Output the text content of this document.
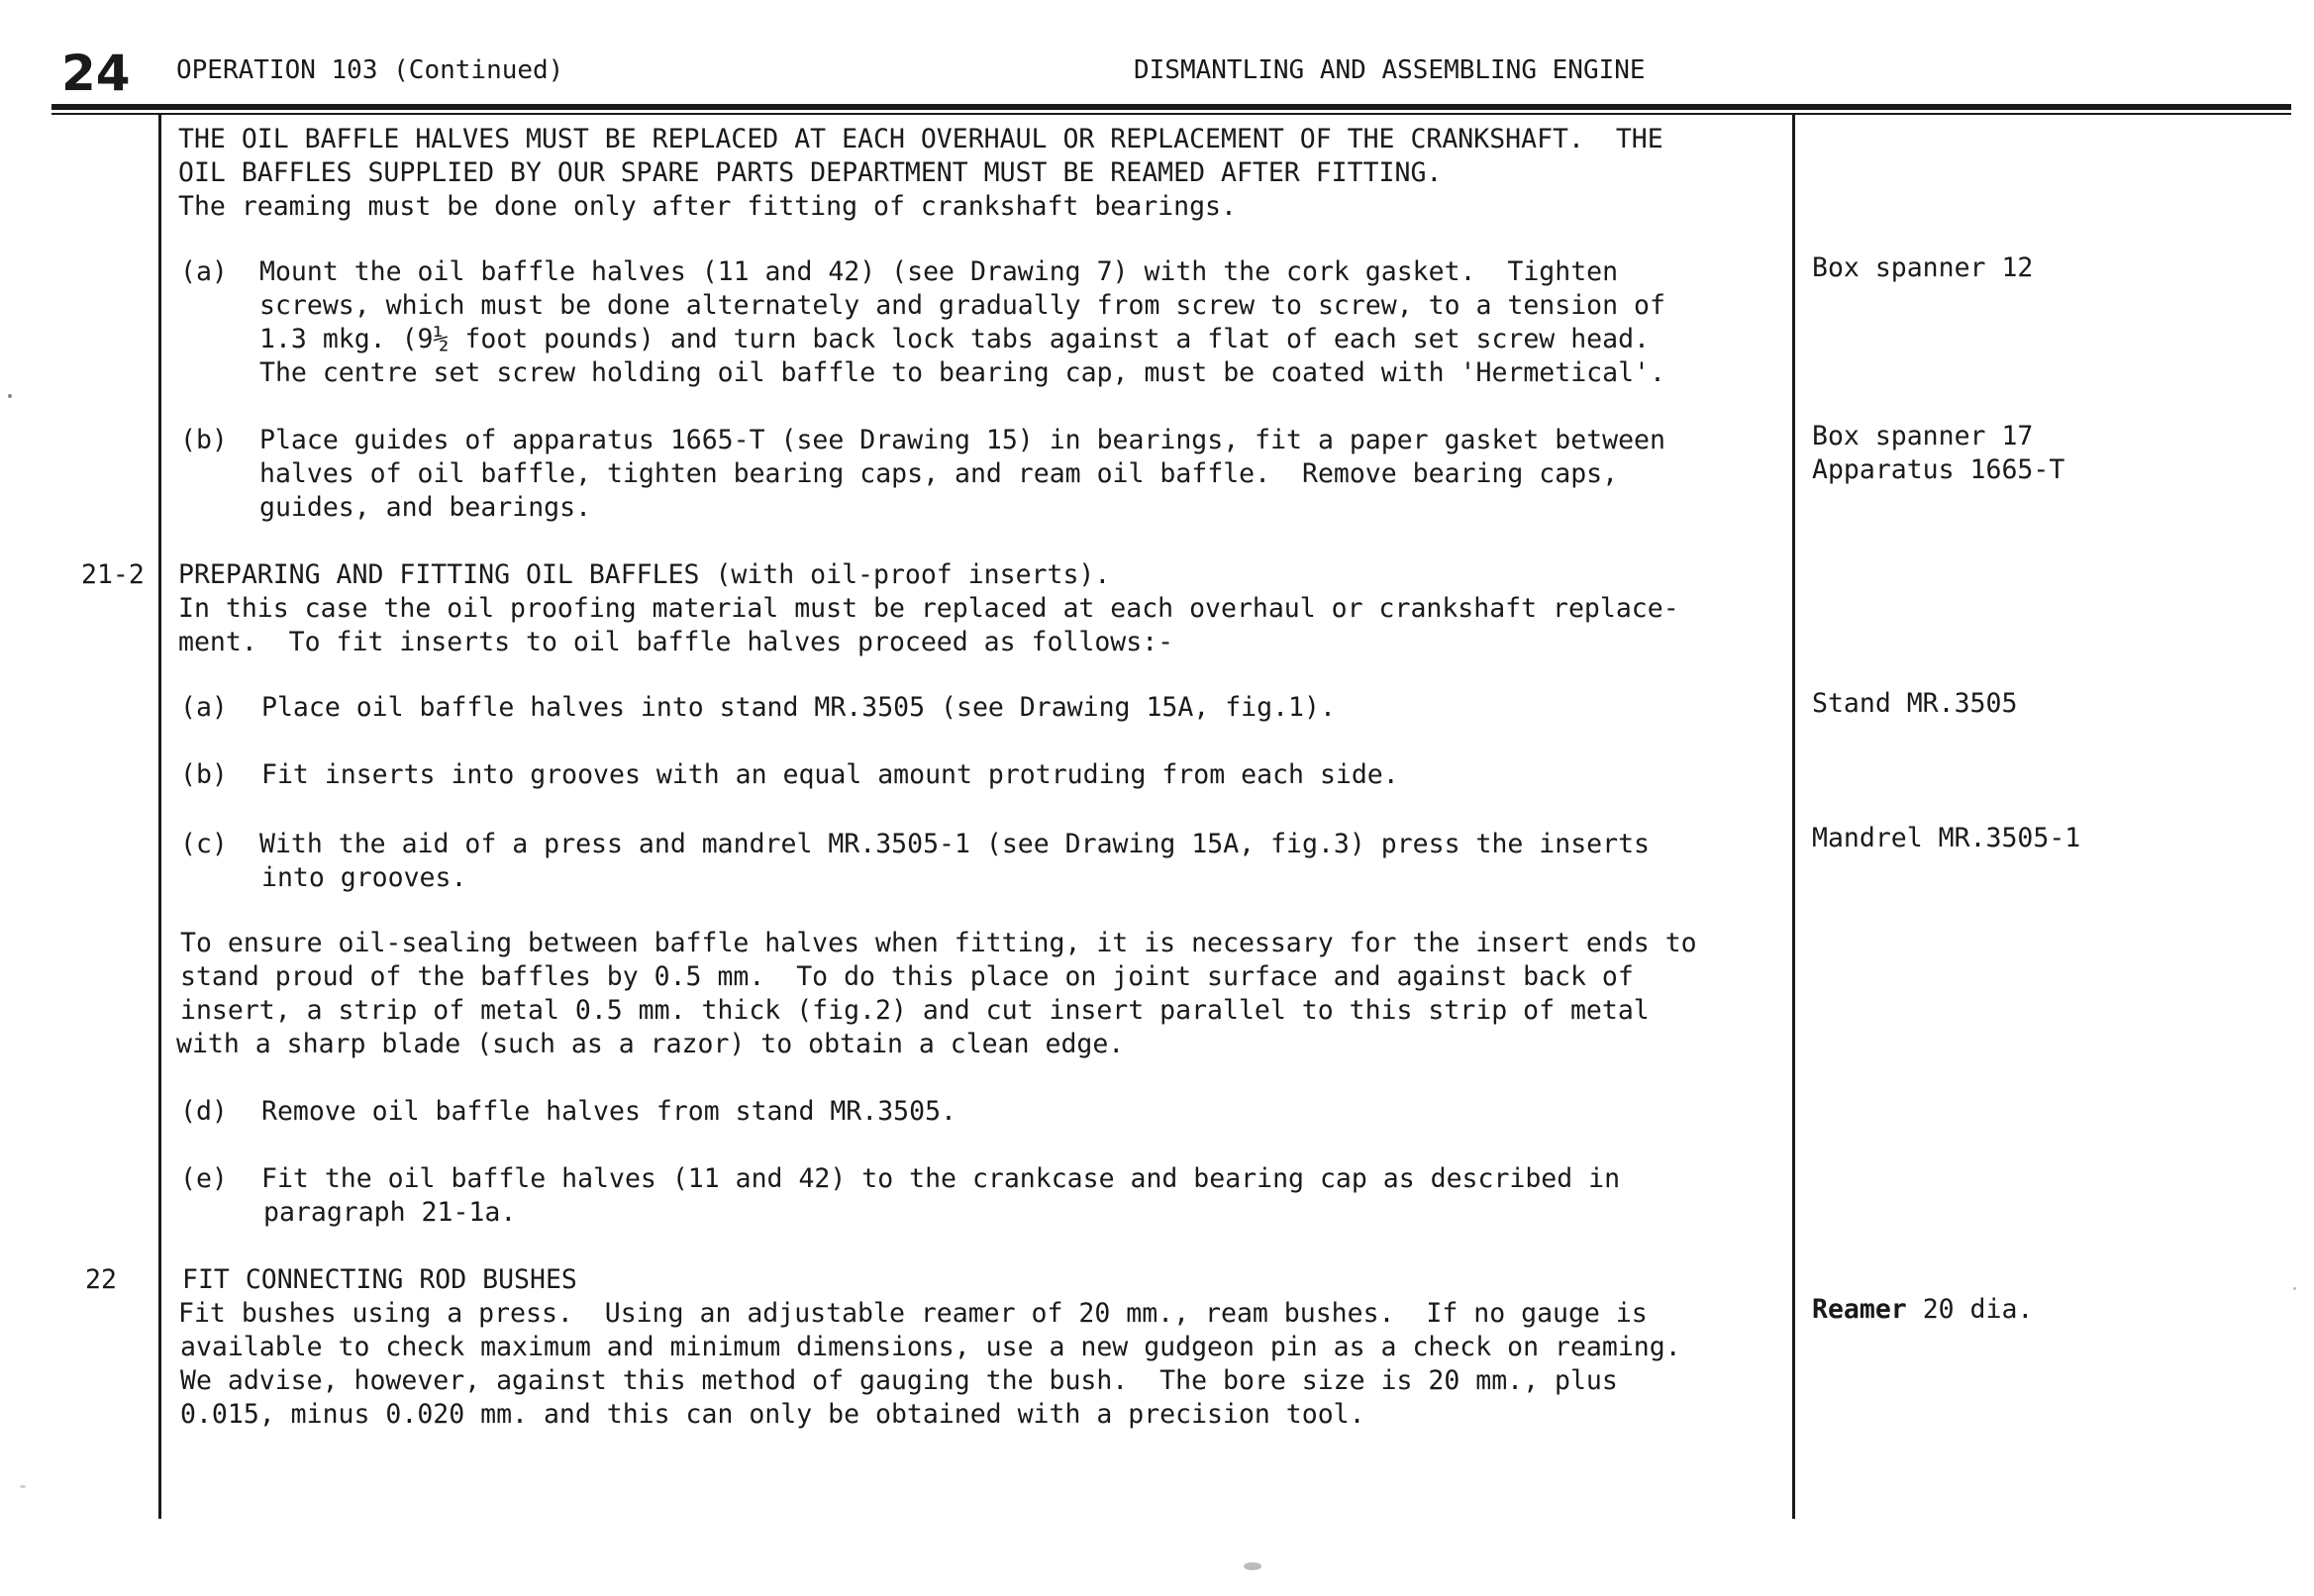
24 OPERATION 103 (Continued)	DISMANTLING AND ASSEMBLING ENGINE
THE OIL BAFFLE HALVES MUST BE REPLACED AT EACH OVERHAUL OR REPLACEMENT OF THE CRANKSHAFT.  THE
OIL BAFFLES SUPPLIED BY OUR SPARE PARTS DEPARTMENT MUST BE REAMED AFTER FITTING.
The reaming must be done only after fitting of crankshaft bearings.
(a) Mount the oil baffle halves (11 and 42) (see Drawing 7) with the cork gasket.  Tighten
screws, which must be done alternately and gradually from screw to screw, to a tension of
1.3 mkg. (9½ foot pounds) and turn back lock tabs against a flat of each set screw head.
The centre set screw holding oil baffle to bearing cap, must be coated with 'Hermetical'.
Box spanner 12
(b) Place guides of apparatus 1665-T (see Drawing 15) in bearings, fit a paper gasket between
halves of oil baffle, tighten bearing caps, and ream oil baffle.  Remove bearing caps,
guides, and bearings.
Box spanner 17
Apparatus 1665-T
21-2 PREPARING AND FITTING OIL BAFFLES (with oil-proof inserts).
In this case the oil proofing material must be replaced at each overhaul or crankshaft replace-
ment.  To fit inserts to oil baffle halves proceed as follows:-
(a) Place oil baffle halves into stand MR.3505 (see Drawing 15A, fig.1).	Stand MR.3505
(b) Fit inserts into grooves with an equal amount protruding from each side.
(c) With the aid of a press and mandrel MR.3505-1 (see Drawing 15A, fig.3) press the inserts
into grooves.
Mandrel MR.3505-1
To ensure oil-sealing between baffle halves when fitting, it is necessary for the insert ends to
stand proud of the baffles by 0.5 mm.  To do this place on joint surface and against back of
insert, a strip of metal 0.5 mm. thick (fig.2) and cut insert parallel to this strip of metal
with a sharp blade (such as a razor) to obtain a clean edge.
(d) Remove oil baffle halves from stand MR.3505.
(e) Fit the oil baffle halves (11 and 42) to the crankcase and bearing cap as described in
paragraph 21-1a.
22 FIT CONNECTING ROD BUSHES
Fit bushes using a press.  Using an adjustable reamer of 20 mm., ream bushes.  If no gauge is
available to check maximum and minimum dimensions, use a new gudgeon pin as a check on reaming.
We advise, however, against this method of gauging the bush.  The bore size is 20 mm., plus
0.015, minus 0.020 mm. and this can only be obtained with a precision tool.
Reamer 20 dia.
